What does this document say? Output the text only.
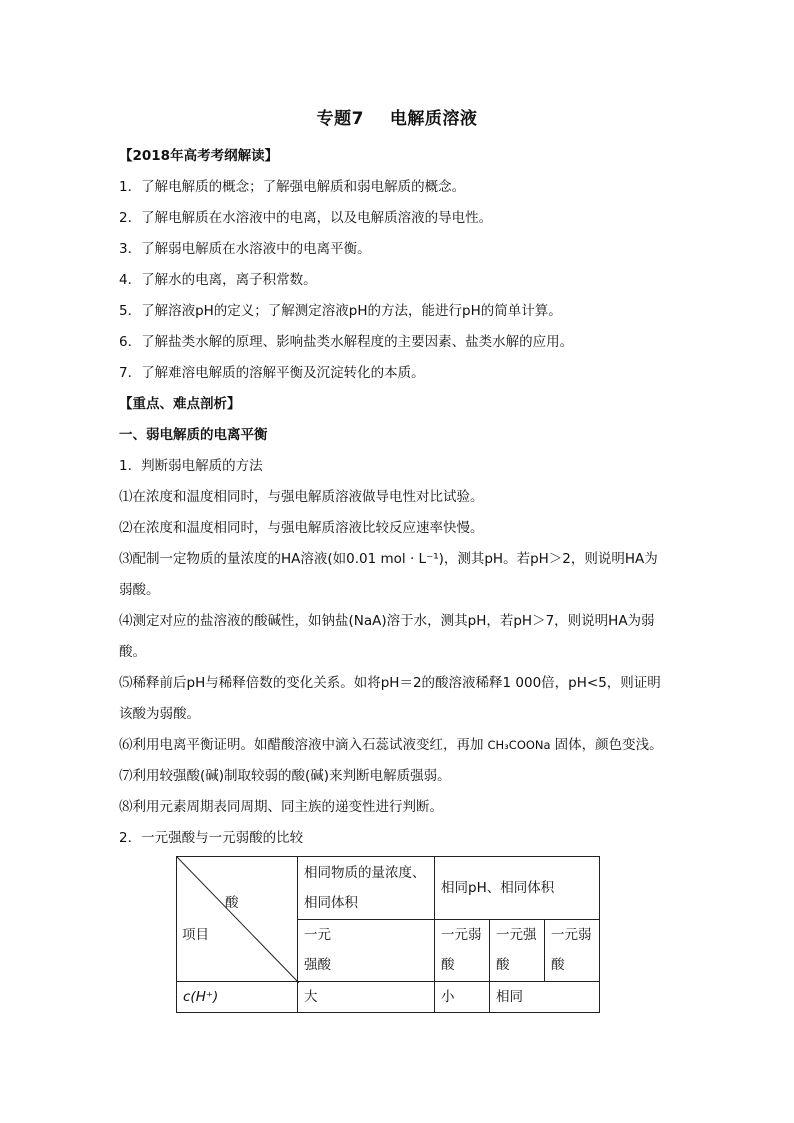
专题7 电解质溶液
【2018年高考考纲解读】
1．了解电解质的概念；了解强电解质和弱电解质的概念。
2．了解电解质在水溶液中的电离，以及电解质溶液的导电性。
3．了解弱电解质在水溶液中的电离平衡。
4．了解水的电离，离子积常数。
5．了解溶液pH的定义；了解测定溶液pH的方法，能进行pH的简单计算。
6．了解盐类水解的原理、影响盐类水解程度的主要因素、盐类水解的应用。
7．了解难溶电解质的溶解平衡及沉淀转化的本质。
【重点、难点剖析】
一、弱电解质的电离平衡
1．判断弱电解质的方法
⑴在浓度和温度相同时，与强电解质溶液做导电性对比试验。
⑵在浓度和温度相同时，与强电解质溶液比较反应速率快慢。
⑶配制一定物质的量浓度的HA溶液(如0.01 mol · L⁻¹)，测其pH。若pH＞2，则说明HA为
弱酸。
⑷测定对应的盐溶液的酸碱性，如钠盐(NaA)溶于水，测其pH，若pH＞7，则说明HA为弱
酸。
⑸稀释前后pH与稀释倍数的变化关系。如将pH＝2的酸溶液稀释1 000倍，pH<5，则证明
该酸为弱酸。
⑹利用电离平衡证明。如醋酸溶液中滴入石蕊试液变红，再加 CH₃COONa 固体，颜色变浅。
⑺利用较强酸(碱)制取较弱的酸(碱)来判断电解质强弱。
⑻利用元素周期表同周期、同主族的递变性进行判断。
2．一元强酸与一元弱酸的比较
酸
项目	相同物质的量浓度、相同体积	相同pH、相同体积		

	一元强酸	一元弱酸	一元强酸	一元弱酸

c(H⁺)	大	小	相同	
